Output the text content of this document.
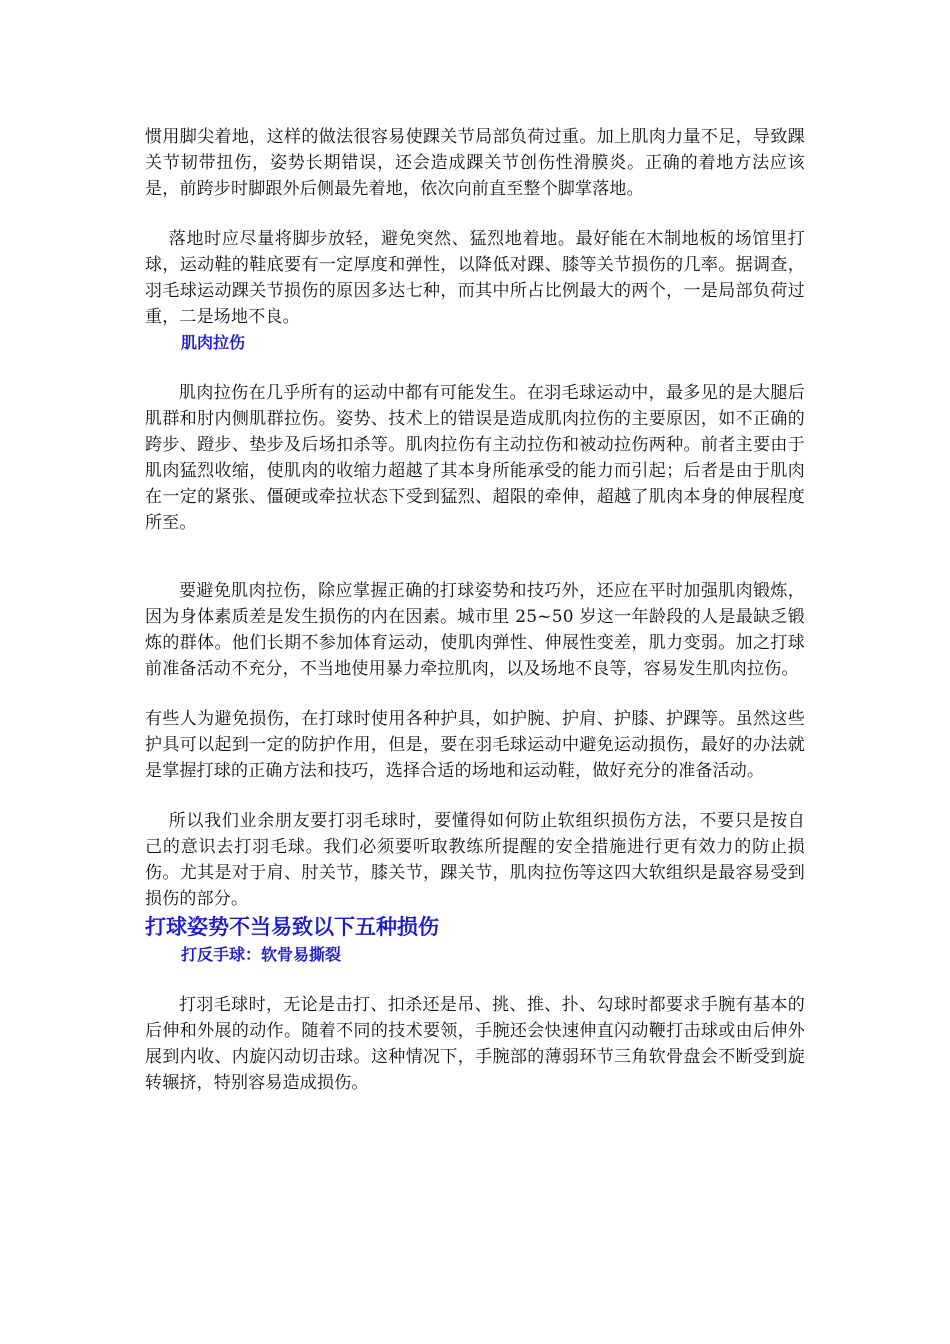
惯用脚尖着地，这样的做法很容易使踝关节局部负荷过重。加上肌肉力量不足，导致踝关节韧带扭伤，姿势长期错误，还会造成踝关节创伤性滑膜炎。正确的着地方法应该是，前跨步时脚跟外后侧最先着地，依次向前直至整个脚掌落地。

落地时应尽量将脚步放轻，避免突然、猛烈地着地。最好能在木制地板的场馆里打球，运动鞋的鞋底要有一定厚度和弹性，以降低对踝、膝等关节损伤的几率。据调查，羽毛球运动踝关节损伤的原因多达七种，而其中所占比例最大的两个，一是局部负荷过重，二是场地不良。

肌肉拉伤

肌肉拉伤在几乎所有的运动中都有可能发生。在羽毛球运动中，最多见的是大腿后肌群和肘内侧肌群拉伤。姿势、技术上的错误是造成肌肉拉伤的主要原因，如不正确的跨步、蹬步、垫步及后场扣杀等。肌肉拉伤有主动拉伤和被动拉伤两种。前者主要由于肌肉猛烈收缩，使肌肉的收缩力超越了其本身所能承受的能力而引起；后者是由于肌肉在一定的紧张、僵硬或牵拉状态下受到猛烈、超限的牵伸，超越了肌肉本身的伸展程度所至。

要避免肌肉拉伤，除应掌握正确的打球姿势和技巧外，还应在平时加强肌肉锻炼，因为身体素质差是发生损伤的内在因素。城市里 25~50 岁这一年龄段的人是最缺乏锻炼的群体。他们长期不参加体育运动，使肌肉弹性、伸展性变差，肌力变弱。加之打球前准备活动不充分，不当地使用暴力牵拉肌肉，以及场地不良等，容易发生肌肉拉伤。

有些人为避免损伤，在打球时使用各种护具，如护腕、护肩、护膝、护踝等。虽然这些护具可以起到一定的防护作用，但是，要在羽毛球运动中避免运动损伤，最好的办法就是掌握打球的正确方法和技巧，选择合适的场地和运动鞋，做好充分的准备活动。

所以我们业余朋友要打羽毛球时，要懂得如何防止软组织损伤方法，不要只是按自己的意识去打羽毛球。我们必须要听取教练所提醒的安全措施进行更有效力的防止损伤。尤其是对于肩、肘关节，膝关节，踝关节，肌肉拉伤等这四大软组织是最容易受到损伤的部分。

打球姿势不当易致以下五种损伤

打反手球：软骨易撕裂

打羽毛球时，无论是击打、扣杀还是吊、挑、推、扑、勾球时都要求手腕有基本的后伸和外展的动作。随着不同的技术要领，手腕还会快速伸直闪动鞭打击球或由后伸外展到内收、内旋闪动切击球。这种情况下，手腕部的薄弱环节三角软骨盘会不断受到旋转辗挤，特别容易造成损伤。
